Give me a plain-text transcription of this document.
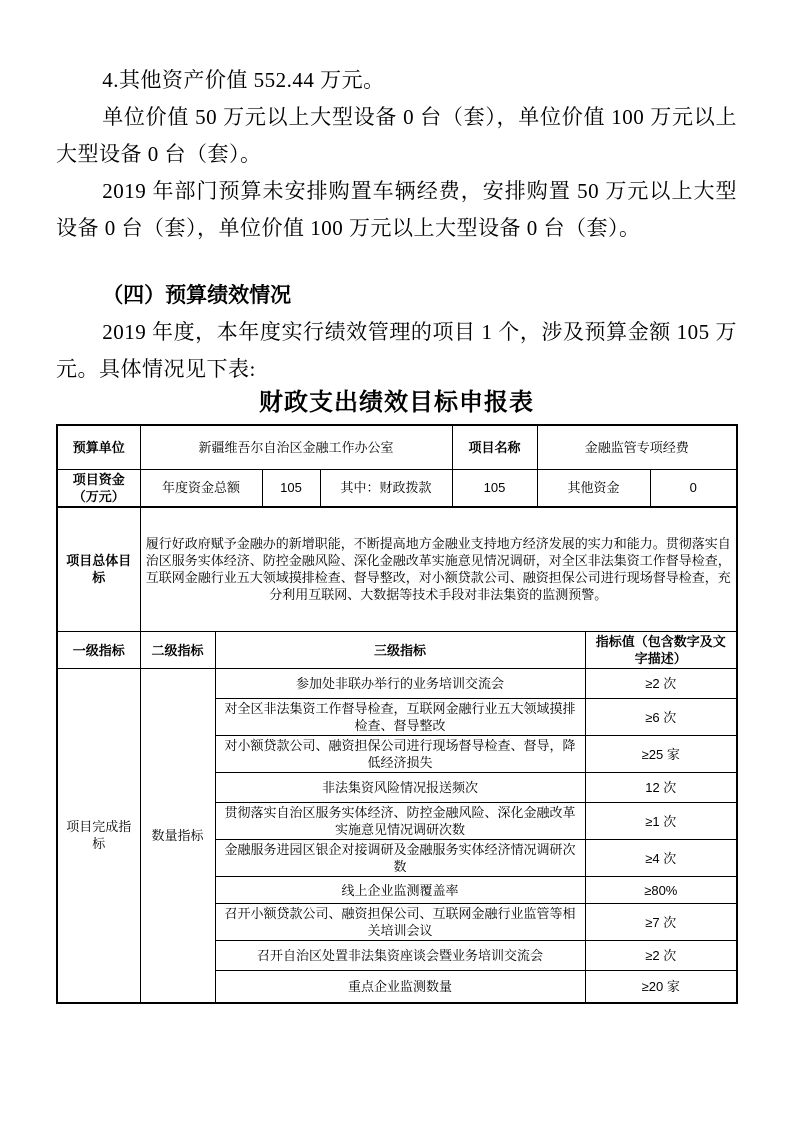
4.其他资产价值 552.44 万元。

单位价值 50 万元以上大型设备 0 台（套），单位价值 100 万元以上大型设备 0 台（套）。

2019 年部门预算未安排购置车辆经费，安排购置 50 万元以上大型设备 0 台（套），单位价值 100 万元以上大型设备 0 台（套）。

（四）预算绩效情况

2019 年度，本年度实行绩效管理的项目 1 个，涉及预算金额 105 万元。具体情况见下表:

财政支出绩效目标申报表
预算单位	新疆维吾尔自治区金融工作办公室				项目名称	金融监管专项经费		

项目资金
（万元）	年度资金总额		105	其中：财政拨款	105	其他资金		0
项目总体目标	履行好政府赋予金融办的新增职能，不断提高地方金融业支持地方经济发展的实力和能力。贯彻落实自治区服务实体经济、防控金融风险、深化金融改革实施意见情况调研，对全区非法集资工作督导检查，互联网金融行业五大领域摸排检查、督导整改，对小额贷款公司、融资担保公司进行现场督导检查，充分利用互联网、大数据等技术手段对非法集资的监测预警。							
一级指标	二级指标	三级指标					指标值（包含数字及文字描述）	
项目完成指标	数量指标	参加处非联办举行的业务培训交流会					≥2 次	
		对全区非法集资工作督导检查，互联网金融行业五大领域摸排检查、督导整改					≥6 次	
		对小额贷款公司、融资担保公司进行现场督导检查、督导，降低经济损失					≥25 家	
		非法集资风险情况报送频次					12 次	
		贯彻落实自治区服务实体经济、防控金融风险、深化金融改革实施意见情况调研次数					≥1 次	
		金融服务进园区银企对接调研及金融服务实体经济情况调研次数					≥4 次	
		线上企业监测覆盖率					≥80%	
		召开小额贷款公司、融资担保公司、互联网金融行业监管等相关培训会议					≥7 次	
		召开自治区处置非法集资座谈会暨业务培训交流会					≥2 次	
		重点企业监测数量					≥20 家	
